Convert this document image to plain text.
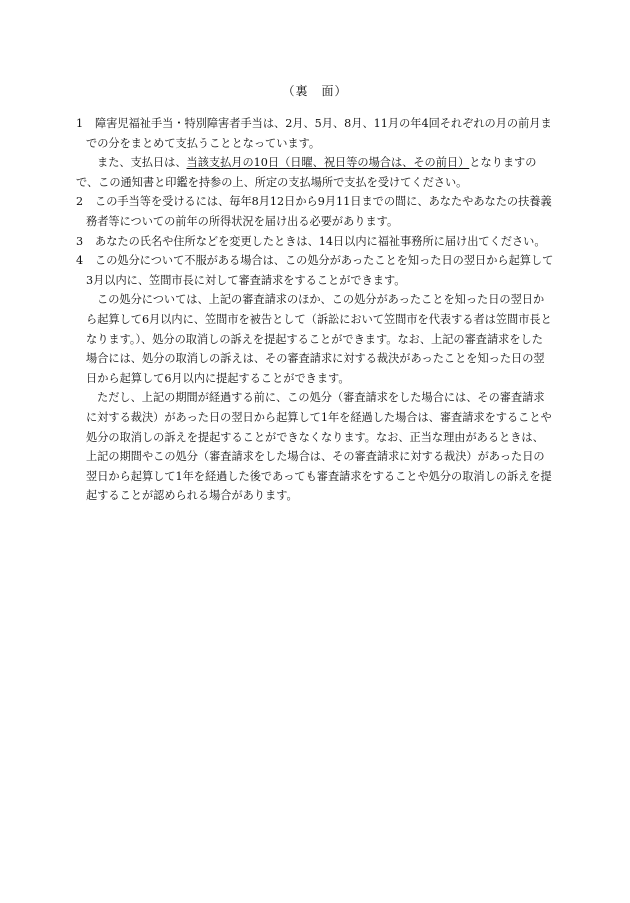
（裏　面）

1 障害児福祉手当・特別障害者手当は、2月、5月、8月、11月の年4回それぞれの月の前月までの分をまとめて支払うこととなっています。

また、支払日は、当該支払月の10日（日曜、祝日等の場合は、その前日）となりますので、この通知書と印鑑を持参の上、所定の支払場所で支払を受けてください。

2 この手当等を受けるには、毎年8月12日から9月11日までの間に、あなたやあなたの扶養義務者等についての前年の所得状況を届け出る必要があります。

3 あなたの氏名や住所などを変更したときは、14日以内に福祉事務所に届け出てください。

4 この処分について不服がある場合は、この処分があったことを知った日の翌日から起算して3月以内に、笠間市長に対して審査請求をすることができます。

この処分については、上記の審査請求のほか、この処分があったことを知った日の翌日から起算して6月以内に、笠間市を被告として（訴訟において笠間市を代表する者は笠間市長となります。）、処分の取消しの訴えを提起することができます。なお、上記の審査請求をした場合には、処分の取消しの訴えは、その審査請求に対する裁決があったことを知った日の翌日から起算して6月以内に提起することができます。

ただし、上記の期間が経過する前に、この処分（審査請求をした場合には、その審査請求に対する裁決）があった日の翌日から起算して1年を経過した場合は、審査請求をすることや処分の取消しの訴えを提起することができなくなります。なお、正当な理由があるときは、上記の期間やこの処分（審査請求をした場合は、その審査請求に対する裁決）があった日の翌日から起算して1年を経過した後であっても審査請求をすることや処分の取消しの訴えを提起することが認められる場合があります。
